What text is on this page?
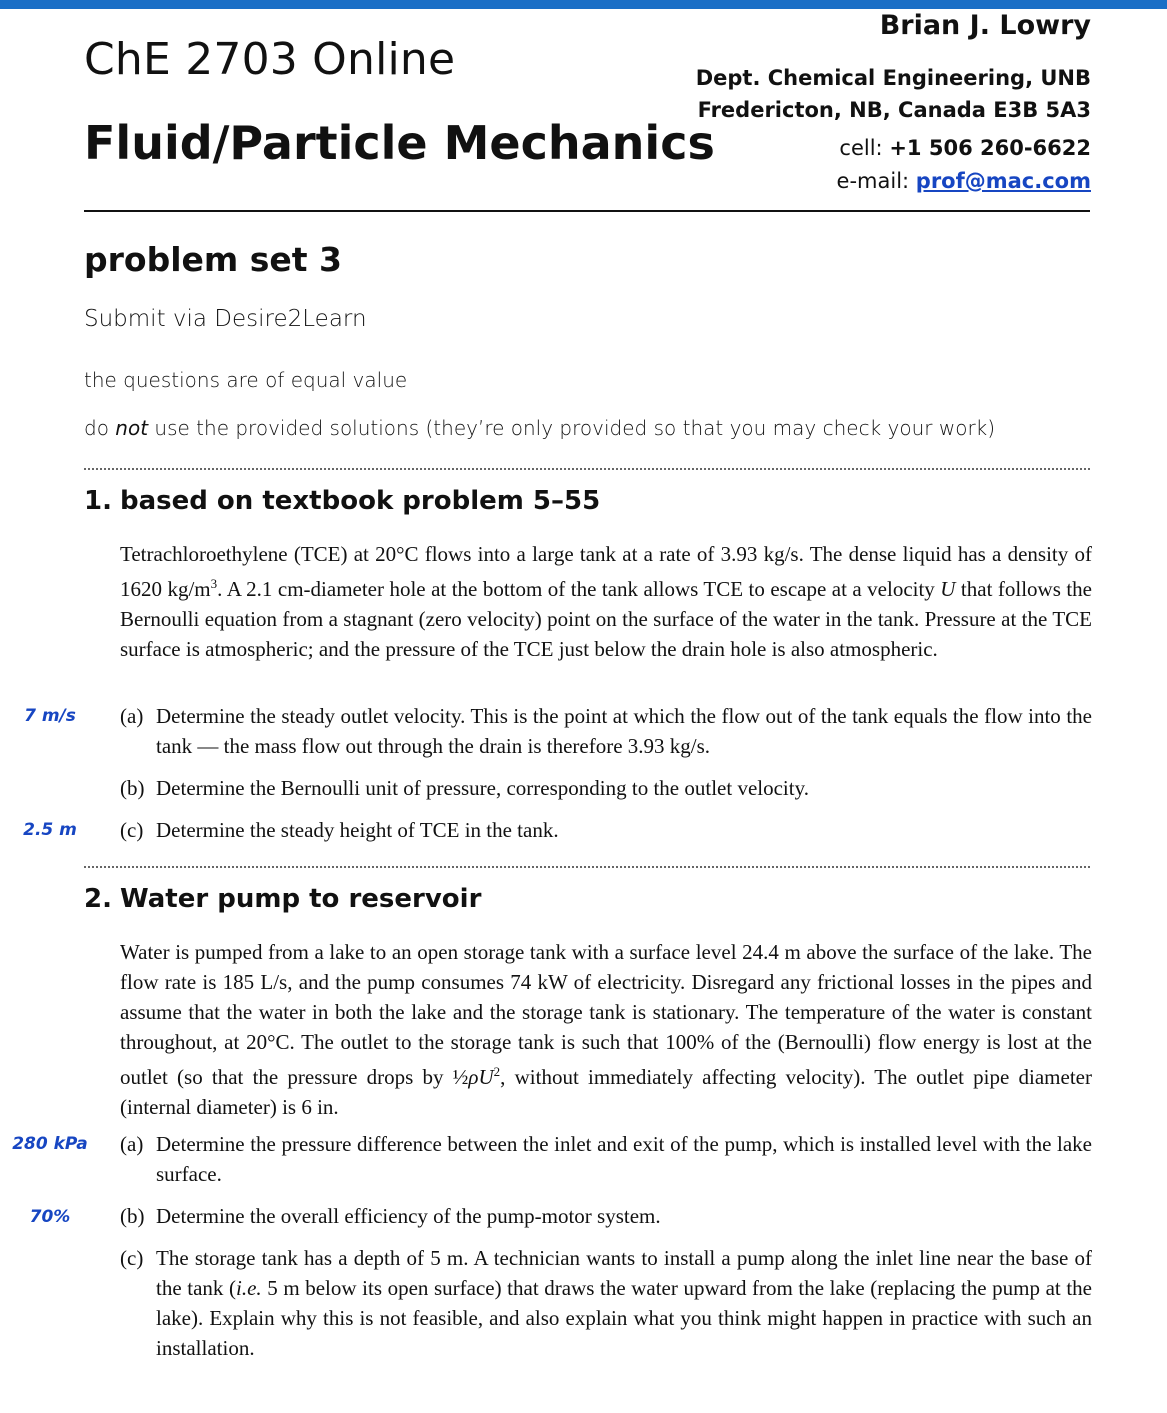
ChE 2703 Online
Fluid/Particle Mechanics
Brian J. Lowry
Dept. Chemical Engineering, UNB
Fredericton, NB, Canada E3B 5A3
cell: +1 506 260-6622
e-mail: prof@mac.com
problem set 3
Submit via Desire2Learn
the questions are of equal value
do not use the provided solutions (they’re only provided so that you may check your work)
1. based on textbook problem 5–55

Tetrachloroethylene (TCE) at 20°C flows into a large tank at a rate of 3.93 kg/s. The dense liquid has a density of 1620 $kg/m^3$. A 2.1 cm-diameter hole at the bottom of the tank allows TCE to escape at a velocity U that follows the Bernoulli equation from a stagnant (zero velocity) point on the surface of the water in the tank. Pressure at the TCE surface is atmospheric; and the pressure of the TCE just below the drain hole is also atmospheric.

7 m/s	(a) Determine the steady outlet velocity. This is the point at which the flow out of the tank equals the flow into the tank — the mass flow out through the drain is therefore 3.93 kg/s.
(b) Determine the Bernoulli unit of pressure, corresponding to the outlet velocity.
2.5 m	(c) Determine the steady height of TCE in the tank.
2. Water pump to reservoir

Water is pumped from a lake to an open storage tank with a surface level 24.4 m above the surface of the lake. The flow rate is 185 L/s, and the pump consumes 74 kW of electricity. Disregard any frictional losses in the pipes and assume that the water in both the lake and the storage tank is stationary. The temperature of the water is constant throughout, at 20°C. The outlet to the storage tank is such that 100% of the (Bernoulli) flow energy is lost at the outlet (so that the pressure drops by $\frac{1}{2}\rho U^2$, without immediately affecting velocity). The outlet pipe diameter (internal diameter) is 6 in.

280 kPa	(a) Determine the pressure difference between the inlet and exit of the pump, which is installed level with the lake surface.
70%	(b) Determine the overall efficiency of the pump-motor system.
(c) The storage tank has a depth of 5 m. A technician wants to install a pump along the inlet line near the base of the tank (i.e. 5 m below its open surface) that draws the water upward from the lake (replacing the pump at the lake). Explain why this is not feasible, and also explain what you think might happen in practice with such an installation.
